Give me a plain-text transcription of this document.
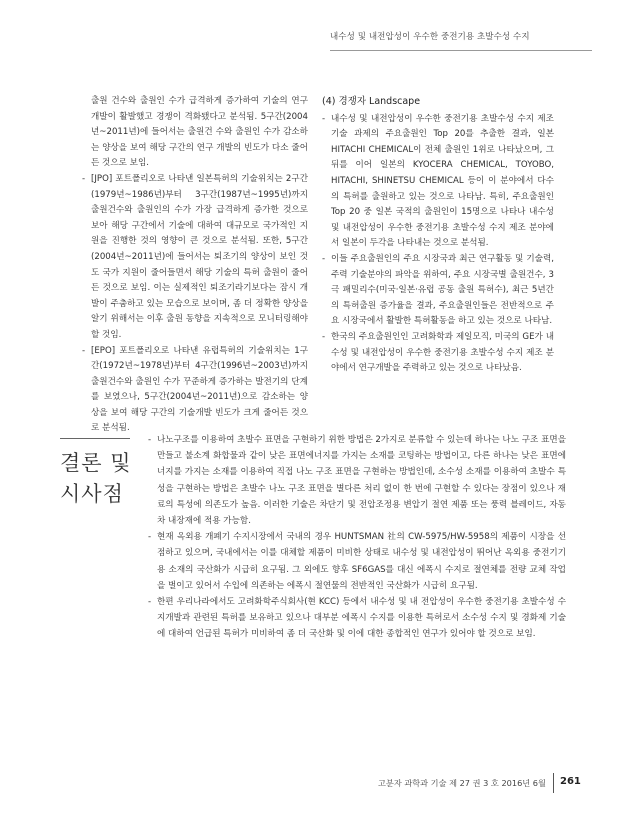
내수성 및 내전압성이 우수한 중전기용 초발수성 수지

출원 건수와 출원인 수가 급격하게 증가하여 기술의 연구 개발이 활발했고 경쟁이 격화됐다고 분석됨. 5구간(2004년~2011년)에 들어서는 출원건 수와 출원인 수가 감소하는 양상을 보여 해당 구간의 연구 개발의 빈도가 다소 줄어든 것으로 보임.

- [JPO] 포트폴리오로 나타낸 일본특허의 기술위치는 2구간(1979년~1986년)부터 3구간(1987년~1995년)까지 출원건수와 출원인의 수가 가장 급격하게 증가한 것으로 보아 해당 구간에서 기술에 대하여 대규모로 국가적인 지원을 진행한 것의 영향이 큰 것으로 분석됨. 또한, 5구간(2004년~2011년)에 들어서는 퇴조기의 양상이 보인 것도 국가 지원이 줄어들면서 해당 기술의 특허 출원이 줄어든 것으로 보임. 이는 실제적인 퇴조기라기보다는 잠시 개발이 주춤하고 있는 모습으로 보이며, 좀 더 정확한 양상을 알기 위해서는 이후 출원 동향을 지속적으로 모니터링해야 할 것임.

- [EPO] 포트폴리오로 나타낸 유럽특허의 기술위치는 1구간(1972년~1978년)부터 4구간(1996년~2003년)까지 출원건수와 출원인 수가 꾸준하게 증가하는 발전기의 단계를 보였으나, 5구간(2004년~2011년)으로 감소하는 양상을 보여 해당 구간의 기술개발 빈도가 크게 줄어든 것으로 분석됨.

(4) 경쟁자 Landscape

- 내수성 및 내전압성이 우수한 중전기용 초발수성 수지 제조기술 과제의 주요출원인 Top 20를 추출한 결과, 일본 HITACHI CHEMICAL이 전체 출원인 1위로 나타났으며, 그 뒤를 이어 일본의 KYOCERA CHEMICAL, TOYOBO, HITACHI, SHINETSU CHEMICAL 등이 이 분야에서 다수의 특허를 출원하고 있는 것으로 나타남. 특히, 주요출원인 Top 20 중 일본 국적의 출원인이 15명으로 나타나 내수성 및 내전압성이 우수한 중전기용 초발수성 수지 제조 분야에서 일본이 두각을 나타내는 것으로 분석됨.

- 이들 주요출원인의 주요 시장국과 최근 연구활동 및 기술력, 주력 기술분야의 파악을 위하여, 주요 시장국별 출원건수, 3극 패밀리수(미국·일본·유럽 공동 출원 특허수), 최근 5년간의 특허출원 증가율을 결과, 주요출원인들은 전반적으로 주요 시장국에서 활발한 특허활동을 하고 있는 것으로 나타남.

- 한국의 주요출원인인 고려화학과 제일모직, 미국의 GE가 내수성 및 내전압성이 우수한 중전기용 초발수성 수지 제조 분야에서 연구개발을 주력하고 있는 것으로 나타났음.

결론 및
시사점

- 나노구조를 이용하여 초발수 표면을 구현하기 위한 방법은 2가지로 분류할 수 있는데 하나는 나노 구조 표면을 만들고 불소계 화합물과 같이 낮은 표면에너지를 가지는 소재를 코팅하는 방법이고, 다른 하나는 낮은 표면에너지를 가지는 소재를 이용하여 직접 나노 구조 표면을 구현하는 방법인데, 소수성 소재를 이용하여 초발수 특성을 구현하는 방법은 초발수 나노 구조 표면을 별다른 처리 없이 한 번에 구현할 수 있다는 장점이 있으나 재료의 특성에 의존도가 높음. 이러한 기술은 차단기 및 전압조정용 변압기 절연 제품 또는 풍력 블레이드, 자동차 내장재에 적용 가능함.

- 현재 옥외용 개폐기 수지시장에서 국내의 경우 HUNTSMAN 社의 CW-5975/HW-5958의 제품이 시장을 선점하고 있으며, 국내에서는 이를 대체할 제품이 미비한 상태로 내수성 및 내전압성이 뛰어난 옥외용 중전기기용 소재의 국산화가 시급히 요구됨. 그 외에도 향후 SF6GAS를 대신 에폭시 수지로 절연체를 전량 교체 작업을 벌이고 있어서 수입에 의존하는 에폭시 절연물의 전반적인 국산화가 시급히 요구됨.

- 한편 우리나라에서도 고려화학주식회사(현 KCC) 등에서 내수성 및 내 전압성이 우수한 중전기용 초발수성 수지개발과 관련된 특허를 보유하고 있으나 대부분 에폭시 수지를 이용한 특허로서 소수성 수지 및 경화제 기술에 대하여 언급된 특허가 미비하여 좀 더 국산화 및 이에 대한 종합적인 연구가 있어야 할 것으로 보임.

고분자 과학과 기술 제 27 권 3 호 2016년 6월	261
